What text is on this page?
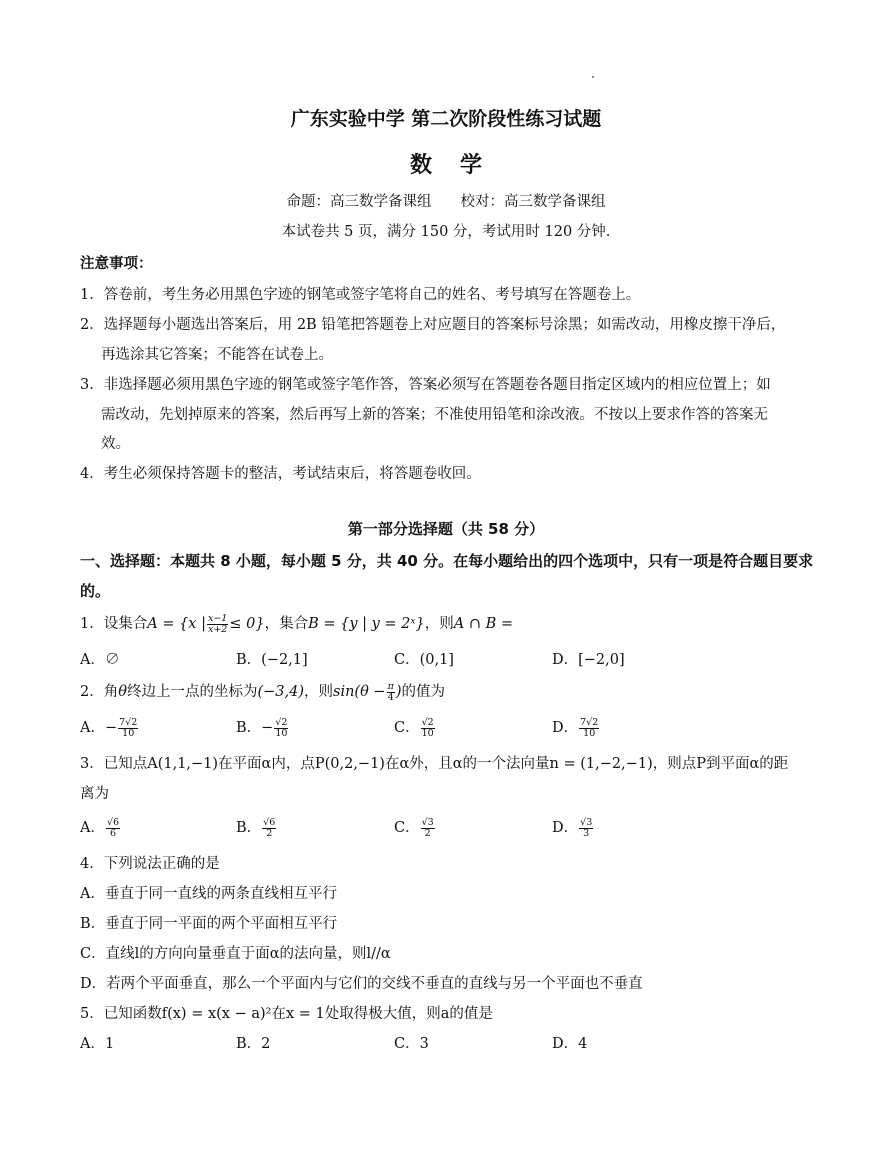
广东实验中学 第二次阶段性练习试题
数学
命题：高三数学备课组　　校对：高三数学备课组
本试卷共 5 页，满分 150 分，考试用时 120 分钟.
注意事项：
1．答卷前，考生务必用黑色字迹的钢笔或签字笔将自己的姓名、考号填写在答题卷上。
2．选择题每小题选出答案后，用 2B 铅笔把答题卷上对应题目的答案标号涂黑；如需改动，用橡皮擦干净后，
再选涂其它答案；不能答在试卷上。
3．非选择题必须用黑色字迹的钢笔或签字笔作答，答案必须写在答题卷各题目指定区域内的相应位置上；如
需改动，先划掉原来的答案，然后再写上新的答案；不准使用铅笔和涂改液。不按以上要求作答的答案无
效。
4．考生必须保持答题卡的整洁，考试结束后，将答题卷收回。
第一部分选择题（共 58 分）
一、选择题：本题共 8 小题，每小题 5 分，共 40 分。在每小题给出的四个选项中，只有一项是符合题目要求
的。
1．设集合A = {x | $\frac{x-1}{x+2} \le 0$}，集合B = {y | y = 2ˣ}，则A ∩ B =
A．∅	B．(−2,1]	C．(0,1]	D．[−2,0]
2．角θ终边上一点的坐标为(−3,4)，则$\sin(\theta - \frac{\pi}{4}$ )的值为
A．− $\frac{7√2}{10}$	B．− $\frac{√2}{10}$	C． $\frac{√2}{10}$	D． $\frac{7√2}{10}$
3．已知点A(1,1,−1)在平面α内，点P(0,2,−1)在α外，且α的一个法向量n = (1,−2,−1)，则点P到平面α的距
离为
A． $\frac{√6}{6}$	B． $\frac{√6}{2}$	C． $\frac{√3}{2}$	D． $\frac{√3}{3}$
4．下列说法正确的是
A．垂直于同一直线的两条直线相互平行
B．垂直于同一平面的两个平面相互平行
C．直线l的方向向量垂直于面α的法向量，则l//α
D．若两个平面垂直，那么一个平面内与它们的交线不垂直的直线与另一个平面也不垂直
5．已知函数f(x) = x(x − a)²在x = 1处取得极大值，则a的值是
A．1	B．2	C．3	D．4
